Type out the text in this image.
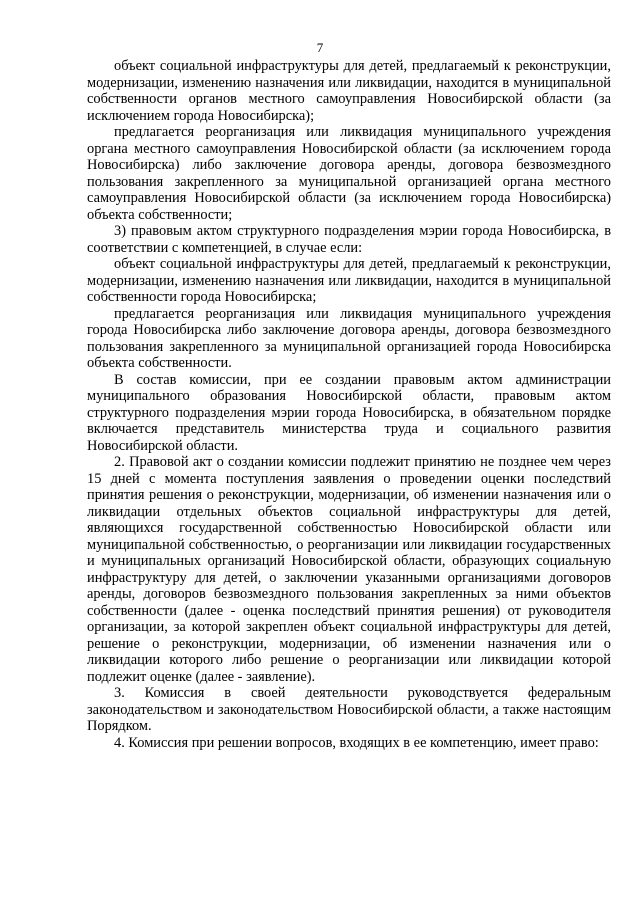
7

объект социальной инфраструктуры для детей, предлагаемый к реконструкции, модернизации, изменению назначения или ликвидации, находится в муниципальной собственности органов местного самоуправления Новосибирской области (за исключением города Новосибирска);

предлагается реорганизация или ликвидация муниципального учреждения органа местного самоуправления Новосибирской области (за исключением города Новосибирска) либо заключение договора аренды, договора безвозмездного пользования закрепленного за муниципальной организацией органа местного самоуправления Новосибирской области (за исключением города Новосибирска) объекта собственности;

3) правовым актом структурного подразделения мэрии города Новосибирска, в соответствии с компетенцией, в случае если:

объект социальной инфраструктуры для детей, предлагаемый к реконструкции, модернизации, изменению назначения или ликвидации, находится в муниципальной собственности города Новосибирска;

предлагается реорганизация или ликвидация муниципального учреждения города Новосибирска либо заключение договора аренды, договора безвозмездного пользования закрепленного за муниципальной организацией города Новосибирска объекта собственности.

В состав комиссии, при ее создании правовым актом администрации муниципального образования Новосибирской области, правовым актом структурного подразделения мэрии города Новосибирска, в обязательном порядке включается представитель министерства труда и социального развития Новосибирской области.

2. Правовой акт о создании комиссии подлежит принятию не позднее чем через 15 дней с момента поступления заявления о проведении оценки последствий принятия решения о реконструкции, модернизации, об изменении назначения или о ликвидации отдельных объектов социальной инфраструктуры для детей, являющихся государственной собственностью Новосибирской области или муниципальной собственностью, о реорганизации или ликвидации государственных и муниципальных организаций Новосибирской области, образующих социальную инфраструктуру для детей, о заключении указанными организациями договоров аренды, договоров безвозмездного пользования закрепленных за ними объектов собственности (далее - оценка последствий принятия решения) от руководителя организации, за которой закреплен объект социальной инфраструктуры для детей, решение о реконструкции, модернизации, об изменении назначения или о ликвидации которого либо решение о реорганизации или ликвидации которой подлежит оценке (далее - заявление).

3. Комиссия в своей деятельности руководствуется федеральным законодательством и законодательством Новосибирской области, а также настоящим Порядком.

4. Комиссия при решении вопросов, входящих в ее компетенцию, имеет право:
